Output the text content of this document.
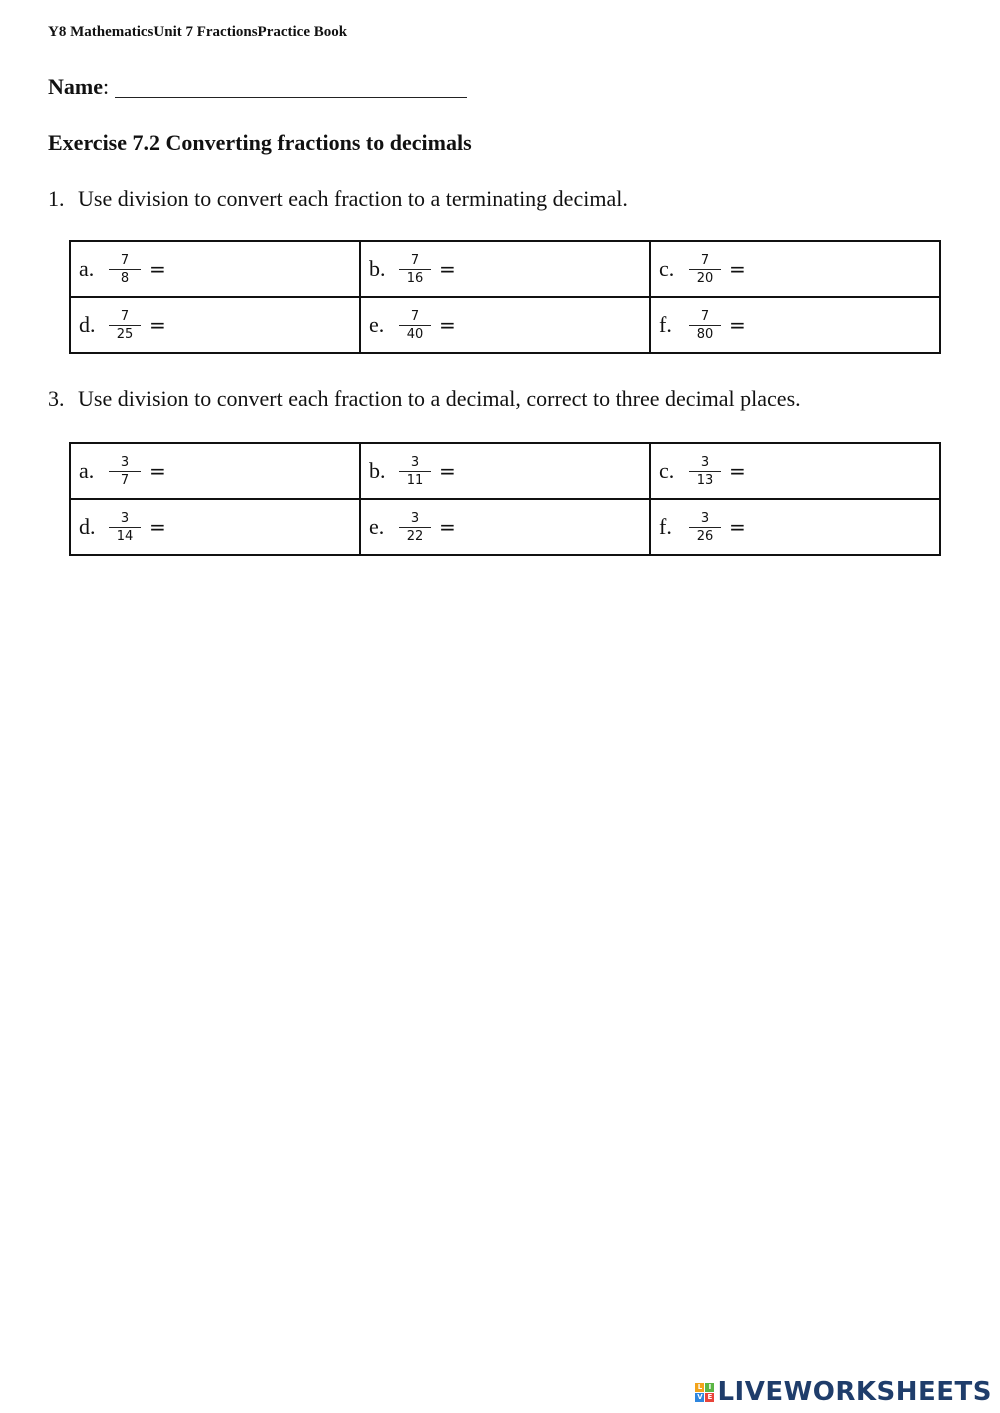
Y8 MathematicsUnit 7 FractionsPractice Book
Name:
Exercise 7.2 Converting fractions to decimals
1. Use division to convert each fraction to a terminating decimal.
a. $\frac{7}{8}$ =	b. $\frac{7}{16}$ =	c. $\frac{7}{20}$ =

d. $\frac{7}{25}$ =	e. $\frac{7}{40}$ =	f. $\frac{7}{80}$ =
3. Use division to convert each fraction to a decimal, correct to three decimal places.
a. $\frac{3}{7}$ =	b. $\frac{3}{11}$ =	c. $\frac{3}{13}$ =

d. $\frac{3}{14}$ =	e. $\frac{3}{22}$ =	f. $\frac{3}{26}$ =
L I
V E LIVEWORKSHEETS
